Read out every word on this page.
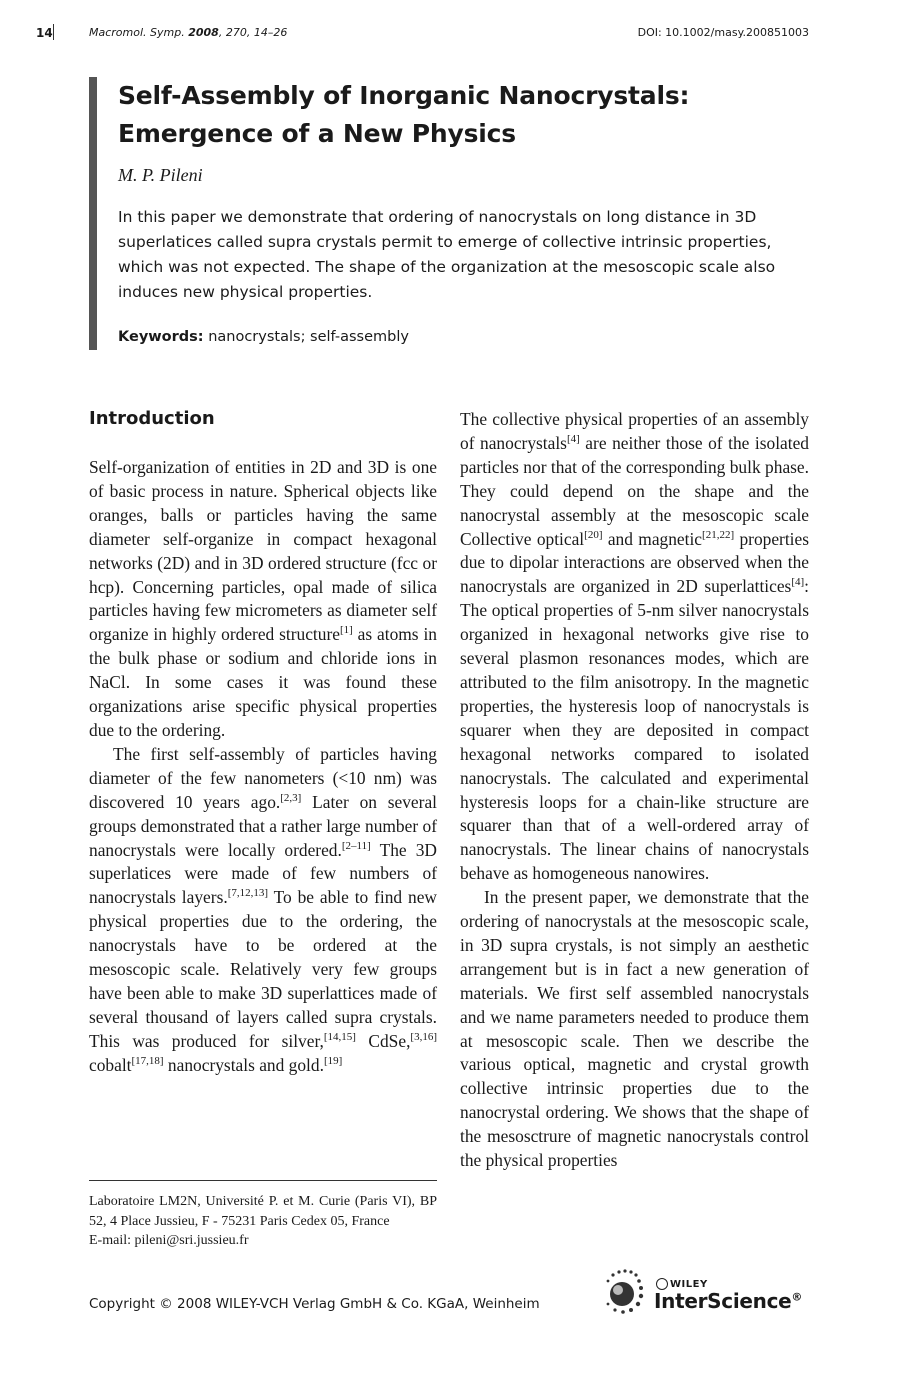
14	Macromol. Symp. 2008, 270, 14–26	DOI: 10.1002/masy.200851003
Self-Assembly of Inorganic Nanocrystals:
Emergence of a New Physics
M. P. Pileni

In this paper we demonstrate that ordering of nanocrystals on long distance in 3D superlatices called supra crystals permit to emerge of collective intrinsic properties, which was not expected. The shape of the organization at the mesoscopic scale also induces new physical properties.

Keywords: nanocrystals; self-assembly
Introduction

Self-organization of entities in 2D and 3D is one of basic process in nature. Spherical objects like oranges, balls or particles having the same diameter self-organize in compact hexagonal networks (2D) and in 3D ordered structure (fcc or hcp). Concerning particles, opal made of silica particles having few micrometers as diameter self organize in highly ordered structure[1] as atoms in the bulk phase or sodium and chloride ions in NaCl. In some cases it was found these organizations arise specific physical properties due to the ordering.

The first self-assembly of particles having diameter of the few nanometers (<10 nm) was discovered 10 years ago.[2,3] Later on several groups demonstrated that a rather large number of nanocrystals were locally ordered.[2–11] The 3D superlatices were made of few numbers of nanocrystals layers.[7,12,13] To be able to find new physical properties due to the ordering, the nanocrystals have to be ordered at the mesoscopic scale. Relatively very few groups have been able to make 3D superlattices made of several thousand of layers called supra crystals. This was produced for silver,[14,15] CdSe,[3,16] cobalt[17,18] nanocrystals and gold.[19]

The collective physical properties of an assembly of nanocrystals[4] are neither those of the isolated particles nor that of the corresponding bulk phase. They could depend on the shape and the nanocrystal assembly at the mesoscopic scale Collective optical[20] and magnetic[21,22] properties due to dipolar interactions are observed when the nanocrystals are organized in 2D superlattices[4]: The optical properties of 5-nm silver nanocrystals organized in hexagonal networks give rise to several plasmon resonances modes, which are attributed to the film anisotropy. In the magnetic properties, the hysteresis loop of nanocrystals is squarer when they are deposited in compact hexagonal networks compared to isolated nanocrystals. The calculated and experimental hysteresis loops for a chain-like structure are squarer than that of a well-ordered array of nanocrystals. The linear chains of nanocrystals behave as homogeneous nanowires.

In the present paper, we demonstrate that the ordering of nanocrystals at the mesoscopic scale, in 3D supra crystals, is not simply an aesthetic arrangement but is in fact a new generation of materials. We first self assembled nanocrystals and we name parameters needed to produce them at mesoscopic scale. Then we describe the various optical, magnetic and crystal growth collective intrinsic properties due to the nanocrystal ordering. We shows that the shape of the mesosctrure of magnetic nanocrystals control the physical properties

Laboratoire LM2N, Université P. et M. Curie (Paris VI), BP 52, 4 Place Jussieu, F - 75231 Paris Cedex 05, France
E-mail: pileni@sri.jussieu.fr

Copyright © 2008 WILEY-VCH Verlag GmbH & Co. KGaA, Weinheim
WILEY
InterScience®
